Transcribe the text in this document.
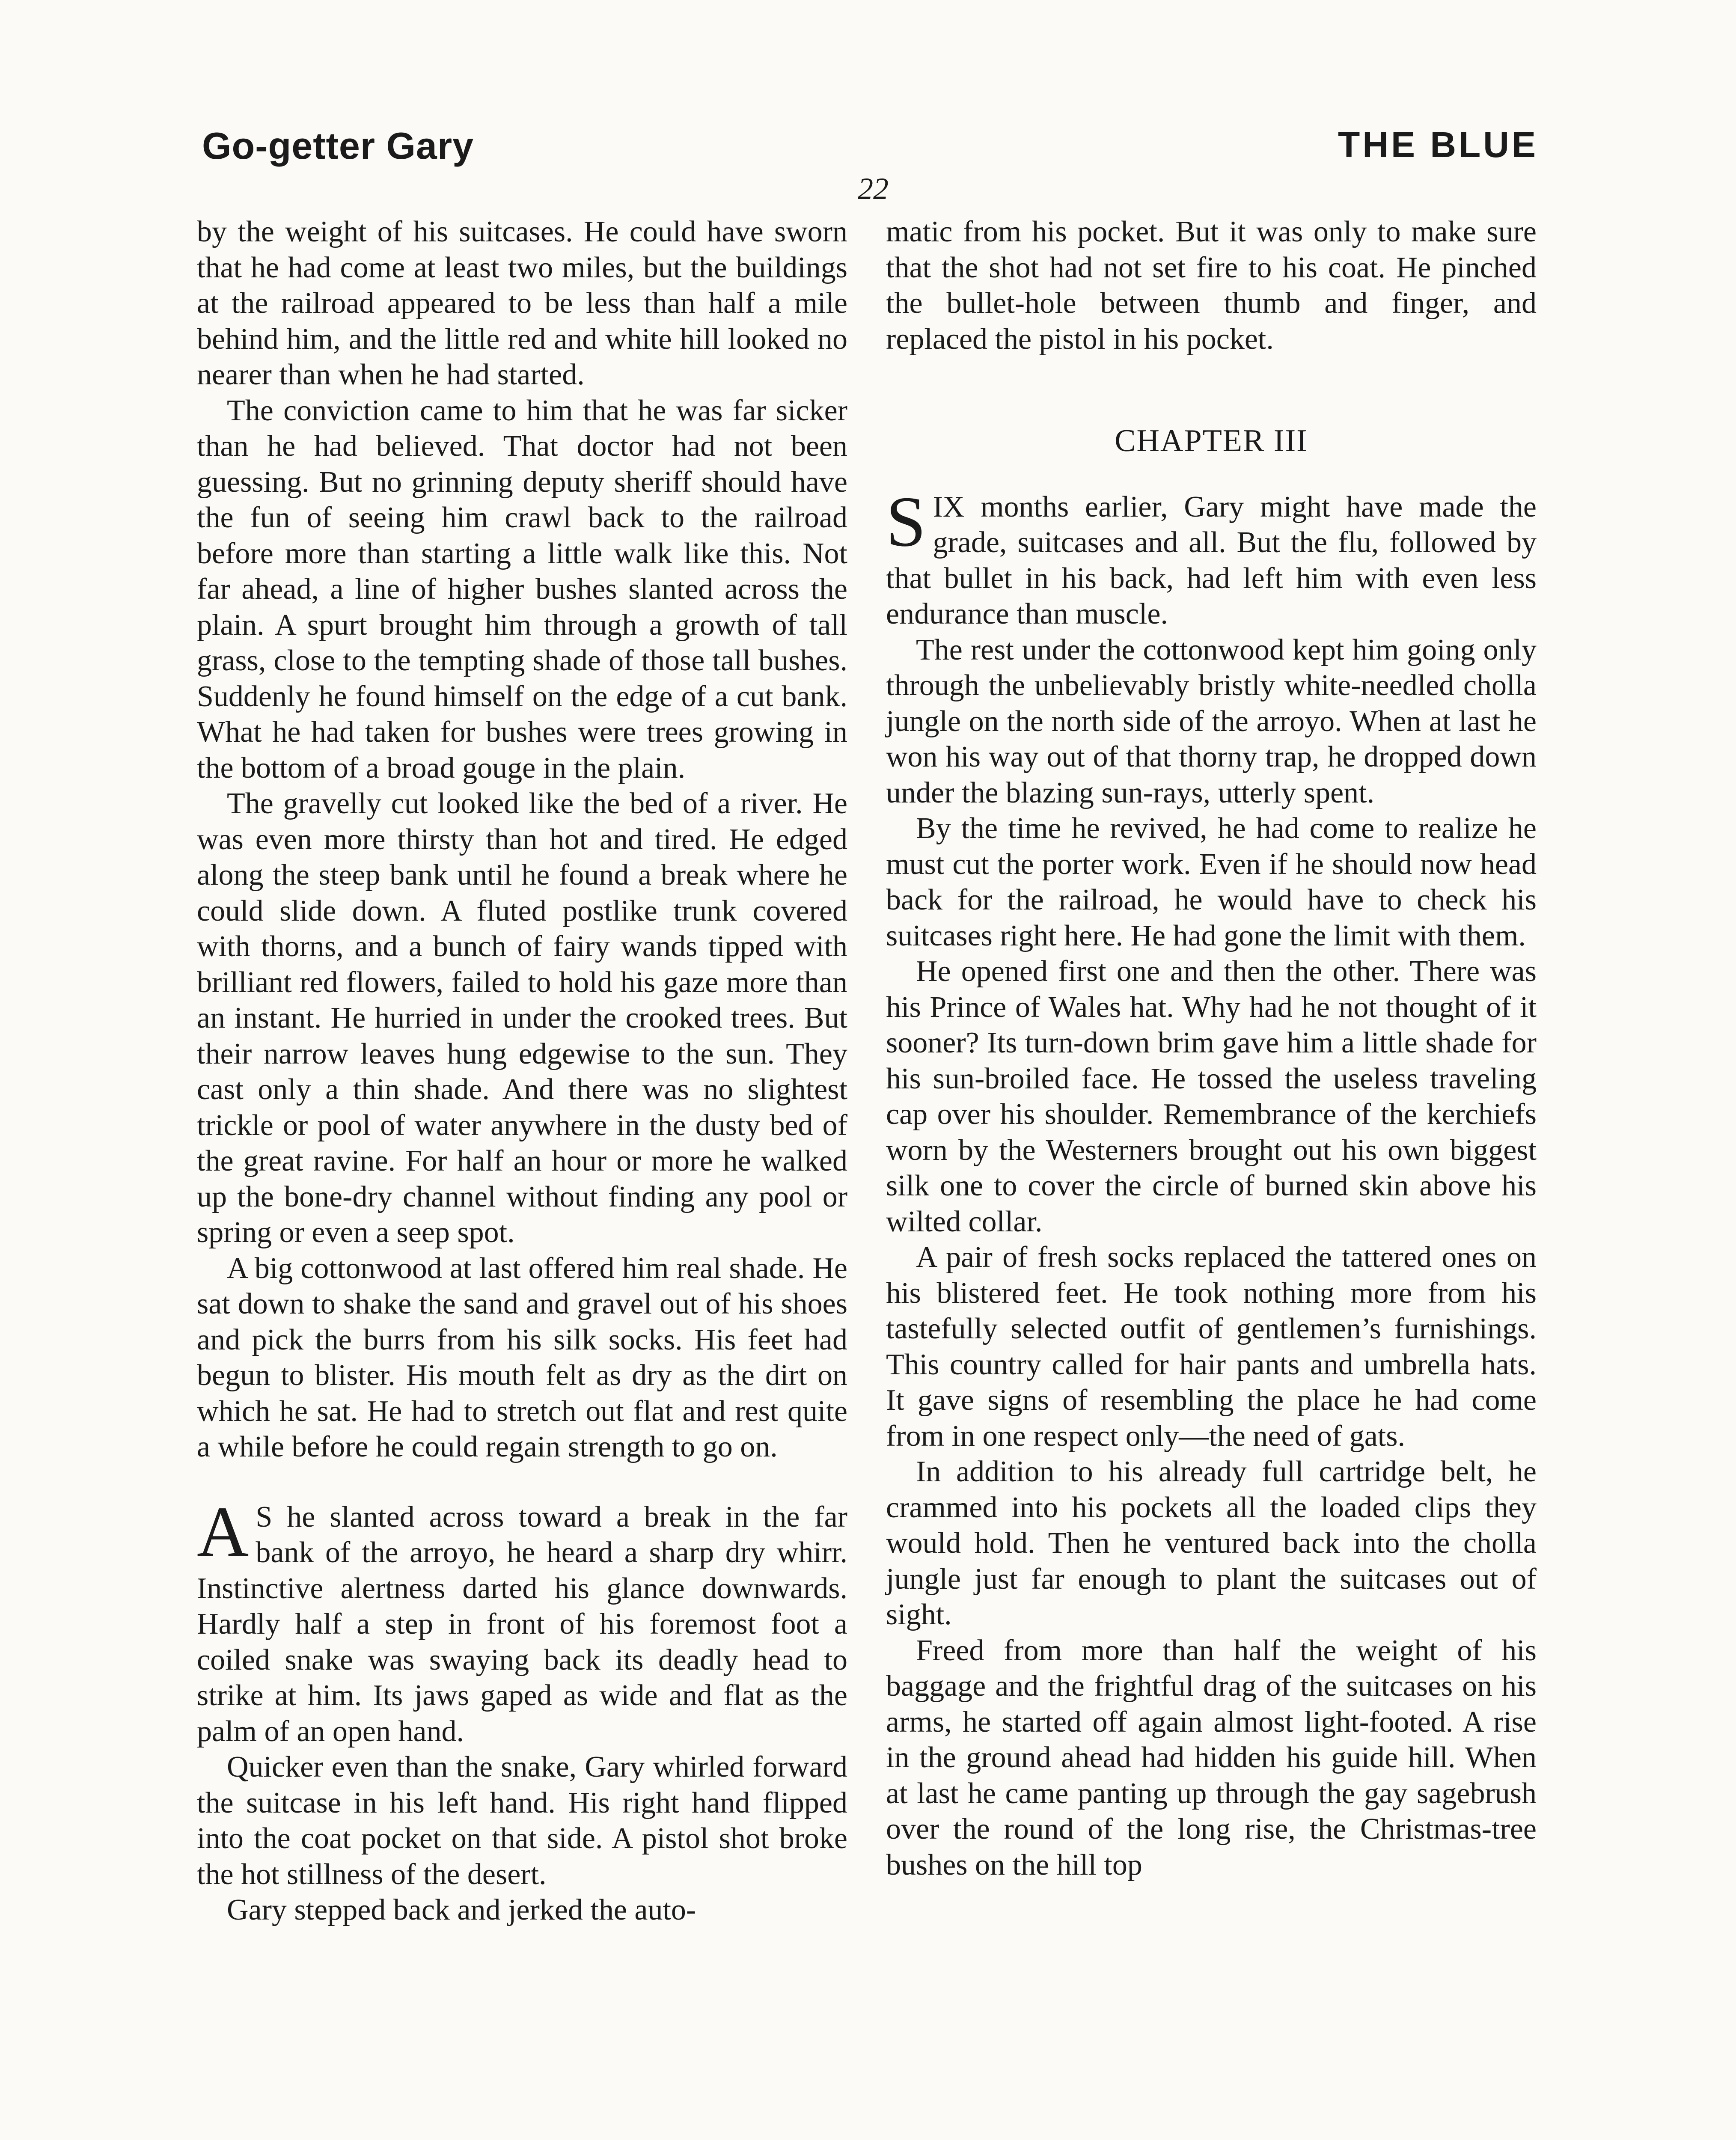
Go-getter Gary	THE BLUE
22

by the weight of his suitcases. He could have sworn that he had come at least two miles, but the buildings at the railroad appeared to be less than half a mile behind him, and the little red and white hill looked no nearer than when he had started.

The conviction came to him that he was far sicker than he had believed. That doctor had not been guessing. But no grinning deputy sheriff should have the fun of seeing him crawl back to the railroad before more than starting a little walk like this. Not far ahead, a line of higher bushes slanted across the plain. A spurt brought him through a growth of tall grass, close to the tempting shade of those tall bushes. Suddenly he found himself on the edge of a cut bank. What he had taken for bushes were trees growing in the bottom of a broad gouge in the plain.

The gravelly cut looked like the bed of a river. He was even more thirsty than hot and tired. He edged along the steep bank until he found a break where he could slide down. A fluted postlike trunk covered with thorns, and a bunch of fairy wands tipped with brilliant red flowers, failed to hold his gaze more than an instant. He hurried in under the crooked trees. But their narrow leaves hung edgewise to the sun. They cast only a thin shade. And there was no slightest trickle or pool of water anywhere in the dusty bed of the great ravine. For half an hour or more he walked up the bone-dry channel without finding any pool or spring or even a seep spot.

A big cottonwood at last offered him real shade. He sat down to shake the sand and gravel out of his shoes and pick the burrs from his silk socks. His feet had begun to blister. His mouth felt as dry as the dirt on which he sat. He had to stretch out flat and rest quite a while before he could regain strength to go on.

A S he slanted across toward a break in the far bank of the arroyo, he heard a sharp dry whirr. Instinctive alertness darted his glance downwards. Hardly half a step in front of his foremost foot a coiled snake was swaying back its deadly head to strike at him. Its jaws gaped as wide and flat as the palm of an open hand.

Quicker even than the snake, Gary whirled forward the suitcase in his left hand. His right hand flipped into the coat pocket on that side. A pistol shot broke the hot stillness of the desert.

Gary stepped back and jerked the auto-

matic from his pocket. But it was only to make sure that the shot had not set fire to his coat. He pinched the bullet-hole between thumb and finger, and replaced the pistol in his pocket.

CHAPTER III

SIX months earlier, Gary might have made the grade, suitcases and all. But the flu, followed by that bullet in his back, had left him with even less endurance than muscle.

The rest under the cottonwood kept him going only through the unbelievably bristly white-needled cholla jungle on the north side of the arroyo. When at last he won his way out of that thorny trap, he dropped down under the blazing sun-rays, utterly spent.

By the time he revived, he had come to realize he must cut the porter work. Even if he should now head back for the railroad, he would have to check his suitcases right here. He had gone the limit with them.

He opened first one and then the other. There was his Prince of Wales hat. Why had he not thought of it sooner? Its turn-down brim gave him a little shade for his sun-broiled face. He tossed the useless traveling cap over his shoulder. Remembrance of the kerchiefs worn by the Westerners brought out his own biggest silk one to cover the circle of burned skin above his wilted collar.

A pair of fresh socks replaced the tattered ones on his blistered feet. He took nothing more from his tastefully selected outfit of gentlemen’s furnishings. This country called for hair pants and umbrella hats. It gave signs of resembling the place he had come from in one respect only—the need of gats.

In addition to his already full cartridge belt, he crammed into his pockets all the loaded clips they would hold. Then he ventured back into the cholla jungle just far enough to plant the suitcases out of sight.

Freed from more than half the weight of his baggage and the frightful drag of the suitcases on his arms, he started off again almost light-footed. A rise in the ground ahead had hidden his guide hill. When at last he came panting up through the gay sagebrush over the round of the long rise, the Christmas-tree bushes on the hill top
